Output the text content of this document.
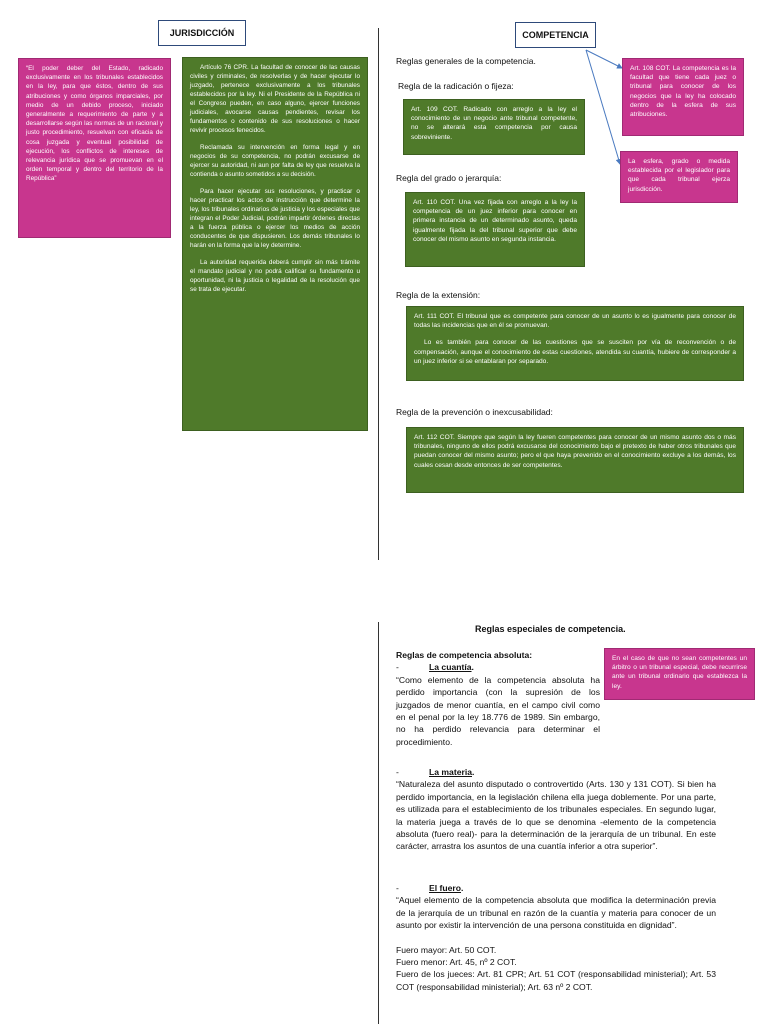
JURISDICCIÓN

“El poder deber del Estado, radicado exclusivamente en los tribunales establecidos en la ley, para que éstos, dentro de sus atribuciones y como órganos imparciales, por medio de un debido proceso, iniciado generalmente a requerimiento de parte y a desarrollarse según las normas de un racional y justo procedimiento, resuelvan con eficacia de cosa juzgada y eventual posibilidad de ejecución, los conflictos de intereses de relevancia jurídica que se promuevan en el orden temporal y dentro del territorio de la República”

Artículo 76 CPR. La facultad de conocer de las causas civiles y criminales, de resolverlas y de hacer ejecutar lo juzgado, pertenece exclusivamente a los tribunales establecidos por la ley. Ni el Presidente de la República ni el Congreso pueden, en caso alguno, ejercer funciones judiciales, avocarse causas pendientes, revisar los fundamentos o contenido de sus resoluciones o hacer revivir procesos fenecidos.

Reclamada su intervención en forma legal y en negocios de su competencia, no podrán excusarse de ejercer su autoridad, ni aun por falta de ley que resuelva la contienda o asunto sometidos a su decisión.

Para hacer ejecutar sus resoluciones, y practicar o hacer practicar los actos de instrucción que determine la ley, los tribunales ordinarios de justicia y los especiales que integran el Poder Judicial, podrán impartir órdenes directas a la fuerza pública o ejercer los medios de acción conducentes de que dispusieren. Los demás tribunales lo harán en la forma que la ley determine.

La autoridad requerida deberá cumplir sin más trámite el mandato judicial y no podrá calificar su fundamento u oportunidad, ni la justicia o legalidad de la resolución que se trata de ejecutar.

COMPETENCIA
Reglas generales de la competencia.

Art. 108 COT. La competencia es la facultad que tiene cada juez o tribunal para conocer de los negocios que la ley ha colocado dentro de la esfera de sus atribuciones.

La esfera, grado o medida establecida por el legislador para que cada tribunal ejerza jurisdicción.

Regla de la radicación o fijeza:

Art. 109 COT. Radicado con arreglo a la ley el conocimiento de un negocio ante tribunal competente, no se alterará esta competencia por causa sobreviniente.

Regla del grado o jerarquía:

Art. 110 COT. Una vez fijada con arreglo a la ley la competencia de un juez inferior para conocer en primera instancia de un determinado asunto, queda igualmente fijada la del tribunal superior que debe conocer del mismo asunto en segunda instancia.

Regla de la extensión:

Art. 111 COT. El tribunal que es competente para conocer de un asunto lo es igualmente para conocer de todas las incidencias que en él se promuevan.

Lo es también para conocer de las cuestiones que se susciten por vía de reconvención o de compensación, aunque el conocimiento de estas cuestiones, atendida su cuantía, hubiere de corresponder a un juez inferior si se entablaran por separado.

Regla de la prevención o inexcusabilidad:

Art. 112 COT. Siempre que según la ley fueren competentes para conocer de un mismo asunto dos o más tribunales, ninguno de ellos podrá excusarse del conocimiento bajo el pretexto de haber otros tribunales que puedan conocer del mismo asunto; pero el que haya prevenido en el conocimiento excluye a los demás, los cuales cesan desde entonces de ser competentes.

Reglas especiales de competencia.

En el caso de que no sean competentes un árbitro o un tribunal especial, debe recurrirse ante un tribunal ordinario que establezca la ley.

Reglas de competencia absoluta:
-	La cuantía .

“Como elemento de la competencia absoluta ha perdido importancia (con la supresión de los juzgados de menor cuantía, en el campo civil como en el penal por la ley 18.776 de 1989. Sin embargo, no ha perdido relevancia para determinar el procedimiento.

-	La materia .

“Naturaleza del asunto disputado o controvertido (Arts. 130 y 131 COT). Si bien ha perdido importancia, en la legislación chilena ella juega doblemente. Por una parte, es utilizada para el establecimiento de los tribunales especiales. En segundo lugar, la materia juega a través de lo que se denomina -elemento de la competencia absoluta (fuero real)- para la determinación de la jerarquía de un tribunal. En este carácter, arrastra los asuntos de una cuantía inferior a otra superior”.

-	El fuero .

“Aquel elemento de la competencia absoluta que modifica la determinación previa de la jerarquía de un tribunal en razón de la cuantía y materia para conocer de un asunto por existir la intervención de una persona constituida en dignidad”.

Fuero mayor: Art. 50 COT.
Fuero menor: Art. 45, nº 2 COT.
Fuero de los jueces: Art. 81 CPR; Art. 51 COT (responsabilidad ministerial); Art. 53 COT (responsabilidad ministerial); Art. 63 nº 2 COT.
